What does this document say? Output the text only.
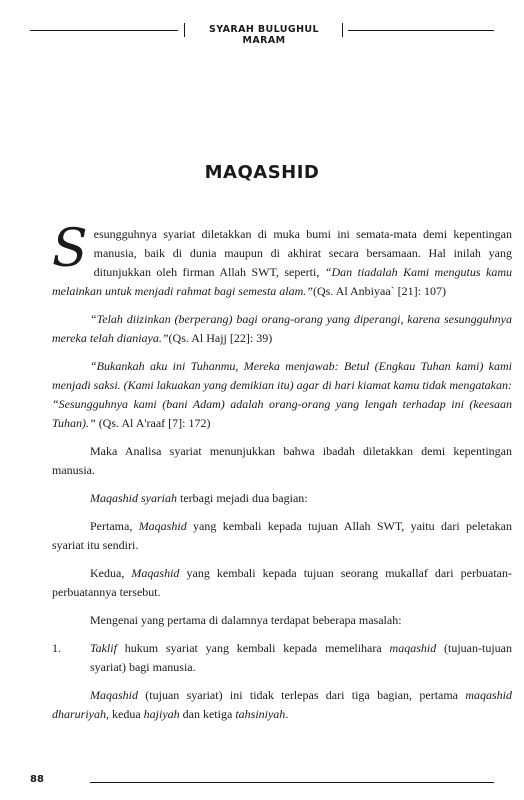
SYARAH BULUGHUL MARAM
MAQASHID

Sesungguhnya syariat diletakkan di muka bumi ini semata-mata demi kepentingan manusia, baik di dunia maupun di akhirat secara bersamaan. Hal inilah yang ditunjukkan oleh firman Allah SWT, seperti, “Dan tiadalah Kami mengutus kamu melainkan untuk menjadi rahmat bagi semesta alam.”(Qs. Al Anbiyaa` [21]: 107)

“Telah diizinkan (berperang) bagi orang-orang yang diperangi, karena sesungguhnya mereka telah dianiaya.”(Qs. Al Hajj [22]: 39)

“Bukankah aku ini Tuhanmu, Mereka menjawab: Betul (Engkau Tuhan kami) kami menjadi saksi. (Kami lakuakan yang demikian itu) agar di hari kiamat kamu tidak mengatakan: “Sesungguhnya kami (bani Adam) adalah orang-orang yang lengah terhadap ini (keesaan Tuhan).” (Qs. Al A'raaf [7]: 172)

Maka Analisa syariat menunjukkan bahwa ibadah diletakkan demi kepentingan manusia.

Maqashid syariah terbagi mejadi dua bagian:

Pertama, Maqashid yang kembali kepada tujuan Allah SWT, yaitu dari peletakan syariat itu sendiri.

Kedua, Maqashid yang kembali kepada tujuan seorang mukallaf dari perbuatan-perbuatannya tersebut.

Mengenai yang pertama di dalamnya terdapat beberapa masalah:

1.	Taklif hukum syariat yang kembali kepada memelihara maqashid (tujuan-tujuan syariat) bagi manusia.

Maqashid (tujuan syariat) ini tidak terlepas dari tiga bagian, pertama maqashid dharuriyah, kedua hajiyah dan ketiga tahsiniyah.

88
